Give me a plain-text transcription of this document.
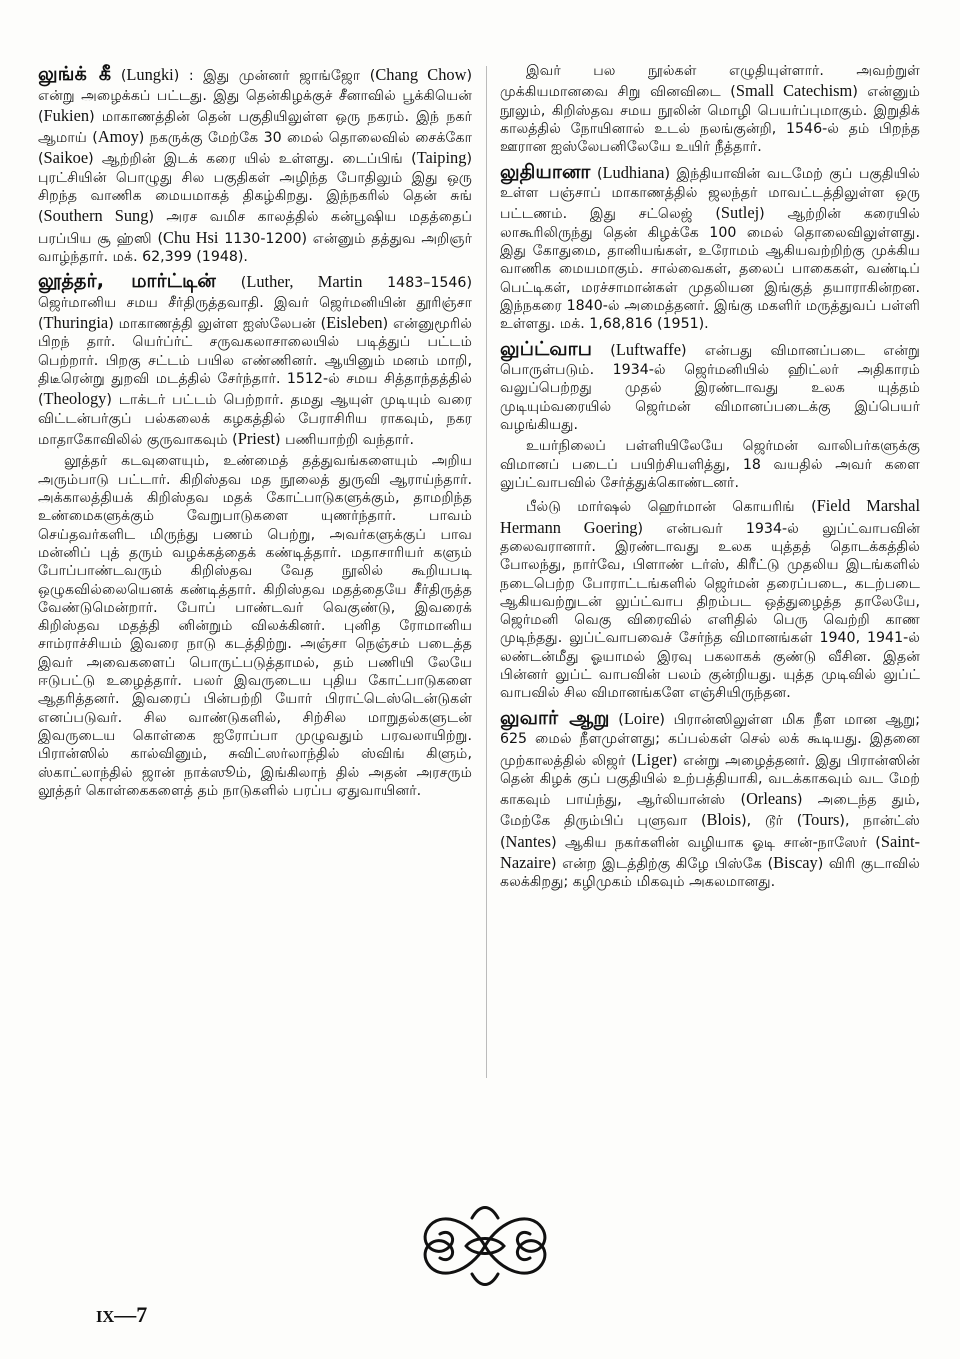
லுங்க் கீ (Lungki) : இது முன்னர் ஜாங்ஜோ (Chang Chow) என்று அழைக்கப் பட்டது. இது தென்கிழக்குச் சீனாவில் பூக்கியென் (Fukien) மாகாணத்தின் தென் பகுதியிலுள்ள ஒரு நகரம். இந் நகர் ஆமாய் (Amoy) நகருக்கு மேற்கே 30 மைல் தொலைவில் சைக்கோ (Saikoe) ஆற்றின் இடக் கரை யில் உள்ளது. டைப்பிங் (Taiping) புரட்சியின் பொழுது சில பகுதிகள் அழிந்த போதிலும் இது ஒரு சிறந்த வாணிக மையமாகத் திகழ்கிறது. இந்நகரில் தென் சுங் (Southern Sung) அரச வமிச காலத்தில் கன்பூஷிய மதத்தைப் பரப்பிய சூ ஹ்ஸி (Chu Hsi 1130-1200) என்னும் தத்துவ அறிஞர் வாழ்ந்தார். மக். 62,399 (1948).

லூத்தர், மார்ட்டின் (Luther, Martin 1483–1546) ஜெர்மானிய சமய சீர்திருத்தவாதி. இவர் ஜெர்மனியின் தூரிஞ்சா (Thuringia) மாகாணத்தி லுள்ள ஐஸ்லேபன் (Eisleben) என்னுமூரில் பிறந் தார். யெர்ப்ர்ட் சருவகலாசாலையில் படித்துப் பட்டம் பெற்றார். பிறகு சட்டம் பயில எண்ணினர். ஆயினும் மனம் மாறி, திடீரென்று துறவி மடத்தில் சேர்ந்தார். 1512-ல் சமய சித்தாந்தத்தில் (Theology) டாக்டர் பட்டம் பெற்றார். தமது ஆயுள் முடியும் வரை விட்டன்பர்குப் பல்கலைக் கழகத்தில் பேராசிரிய ராகவும், நகர மாதாகோவிலில் குருவாகவும் (Priest) பணியாற்றி வந்தார்.

லூத்தர் கடவுளையும், உண்மைத் தத்துவங்களையும் அறிய அரும்பாடு பட்டார். கிறிஸ்தவ மத நூலைத் துருவி ஆராய்ந்தார். அக்காலத்தியக் கிறிஸ்தவ மதக் கோட்பாடுகளுக்கும், தாமறிந்த உண்மைகளுக்கும் வேறுபாடுகளை யுணர்ந்தார். பாவம் செய்தவர்களிட மிருந்து பணம் பெற்று, அவர்களுக்குப் பாவ மன்னிப் புத் தரும் வழக்கத்தைக் கண்டித்தார். மதாசாரியர் களும் போப்பாண்டவரும் கிறிஸ்தவ வேத நூலில் கூறியபடி ஒழுகவில்லையெனக் கண்டித்தார். கிறிஸ்தவ மதத்தையே சீர்திருத்த வேண்டுமென்றார். போப் பாண்டவர் வெகுண்டு, இவரைக் கிறிஸ்தவ மதத்தி னின்றும் விலக்கினர். புனித ரோமானிய சாம்ராச்சியம் இவரை நாடு கடத்திற்று. அஞ்சா நெஞ்சம் படைத்த இவர் அவைகளைப் பொருட்படுத்தாமல், தம் பணியி லேயே ஈடுபட்டு உழைத்தார். பலர் இவருடைய புதிய கோட்பாடுகளை ஆதரித்தனர். இவரைப் பின்பற்றி யோர் பிராட்டெஸ்டென்டுகள் எனப்படுவர். சில வாண்டுகளில், சிற்சில மாறுதல்களுடன் இவருடைய கொள்கை ஐரோப்பா முழுவதும் பரவலாயிற்று. பிரான்ஸில் கால்வினும், சுவிட்ஸர்லாந்தில் ஸ்விங் கிளும், ஸ்காட்லாந்தில் ஜான் நாக்ஸூம், இங்கிலாந் தில் அதன் அரசரும் லூத்தர் கொள்கைகளைத் தம் நாடுகளில் பரப்ப ஏதுவாயினர்.

இவர் பல நூல்கள் எழுதியுள்ளார். அவற்றுள் முக்கியமானவை சிறு வினவிடை (Small Catechism) என்னும் நூலும், கிறிஸ்தவ சமய நூலின் மொழி பெயர்ப்புமாகும். இறுதிக் காலத்தில் நோயினால் உடல் நலங்குன்றி, 1546-ல் தம் பிறந்த ஊரான ஐஸ்லேபனிலேயே உயிர் நீத்தார்.

லுதியானா (Ludhiana) இந்தியாவின் வடமேற் குப் பகுதியில் உள்ள பஞ்சாப் மாகாணத்தில் ஜலந்தர் மாவட்டத்திலுள்ள ஒரு பட்டணம். இது சட்லெஜ் (Sutlej) ஆற்றின் கரையில் லாகூரிலிருந்து தென் கிழக்கே 100 மைல் தொலைவிலுள்ளது. இது கோதுமை, தானியங்கள், உரோமம் ஆகியவற்றிற்கு முக்கிய வாணிக மையமாகும். சால்வைகள், தலைப் பாகைகள், வண்டிப் பெட்டிகள், மரச்சாமான்கள் முதலியன இங்குத் தயாராகின்றன. இந்நகரை 1840-ல் அமைத்தனர். இங்கு மகளிர் மருத்துவப் பள்ளி உள்ளது. மக். 1,68,816 (1951).

லுப்ட்வாப (Luftwaffe) என்பது விமானப்படை என்று பொருள்படும். 1934-ல் ஜெர்மனியில் ஹிட்லர் அதிகாரம் வலுப்பெற்றது முதல் இரண்டாவது உலக யுத்தம் முடியும்வரையில் ஜெர்மன் விமானப்படைக்கு இப்பெயர் வழங்கியது.

உயர்நிலைப் பள்ளியிலேயே ஜெர்மன் வாலிபர்களுக்கு விமானப் படைப் பயிற்சியளித்து, 18 வயதில் அவர் களை லுப்ட்வாபவில் சேர்த்துக்கொண்டனர்.

பீல்டு மார்ஷல் ஹெர்மான் கொயரிங் (Field Marshal Hermann Goering) என்பவர் 1934-ல் லுப்ட்வாபவின் தலைவரானார். இரண்டாவது உலக யுத்தத் தொடக்கத்தில் போலந்து, நார்வே, பிளாண் டர்ஸ், கிரீட்டு முதலிய இடங்களில் நடைபெற்ற போராட்டங்களில் ஜெர்மன் தரைப்படை, கடற்படை ஆகியவற்றுடன் லுப்ட்வாப திறம்பட ஒத்துழைத்த தாலேயே, ஜெர்மனி வெகு விரைவில் எளிதில் பெரு வெற்றி காண முடிந்தது. லுப்ட்வாபவைச் சேர்ந்த விமானங்கள் 1940, 1941-ல் லண்டன்மீது ஓயாமல் இரவு பகலாகக் குண்டு வீசின. இதன் பின்னர் லுப்ட் வாபவின் பலம் குன்றியது. யுத்த முடிவில் லுப்ட் வாபவில் சில விமானங்களே எஞ்சியிருந்தன.

லுவார் ஆறு (Loire) பிரான்ஸிலுள்ள மிக நீள மான ஆறு; 625 மைல் நீளமுள்ளது; கப்பல்கள் செல் லக் கூடியது. இதனை முற்காலத்தில் லிஜர் (Liger) என்று அழைத்தனர். இது பிரான்ஸின் தென் கிழக் குப் பகுதியில் உற்பத்தியாகி, வடக்காகவும் வட மேற் காகவும் பாய்ந்து, ஆர்லியான்ஸ் (Orleans) அடைந்த தும், மேற்கே திரும்பிப் புளுவா (Blois), டூர் (Tours), நான்ட்ஸ் (Nantes) ஆகிய நகர்களின் வழியாக ஓடி சான்-நாஸேர் (Saint-Nazaire) என்ற இடத்திற்கு கிழே பிஸ்கே (Biscay) விரி குடாவில் கலக்கிறது; கழிமுகம் மிகவும் அகலமானது.

IX—7
